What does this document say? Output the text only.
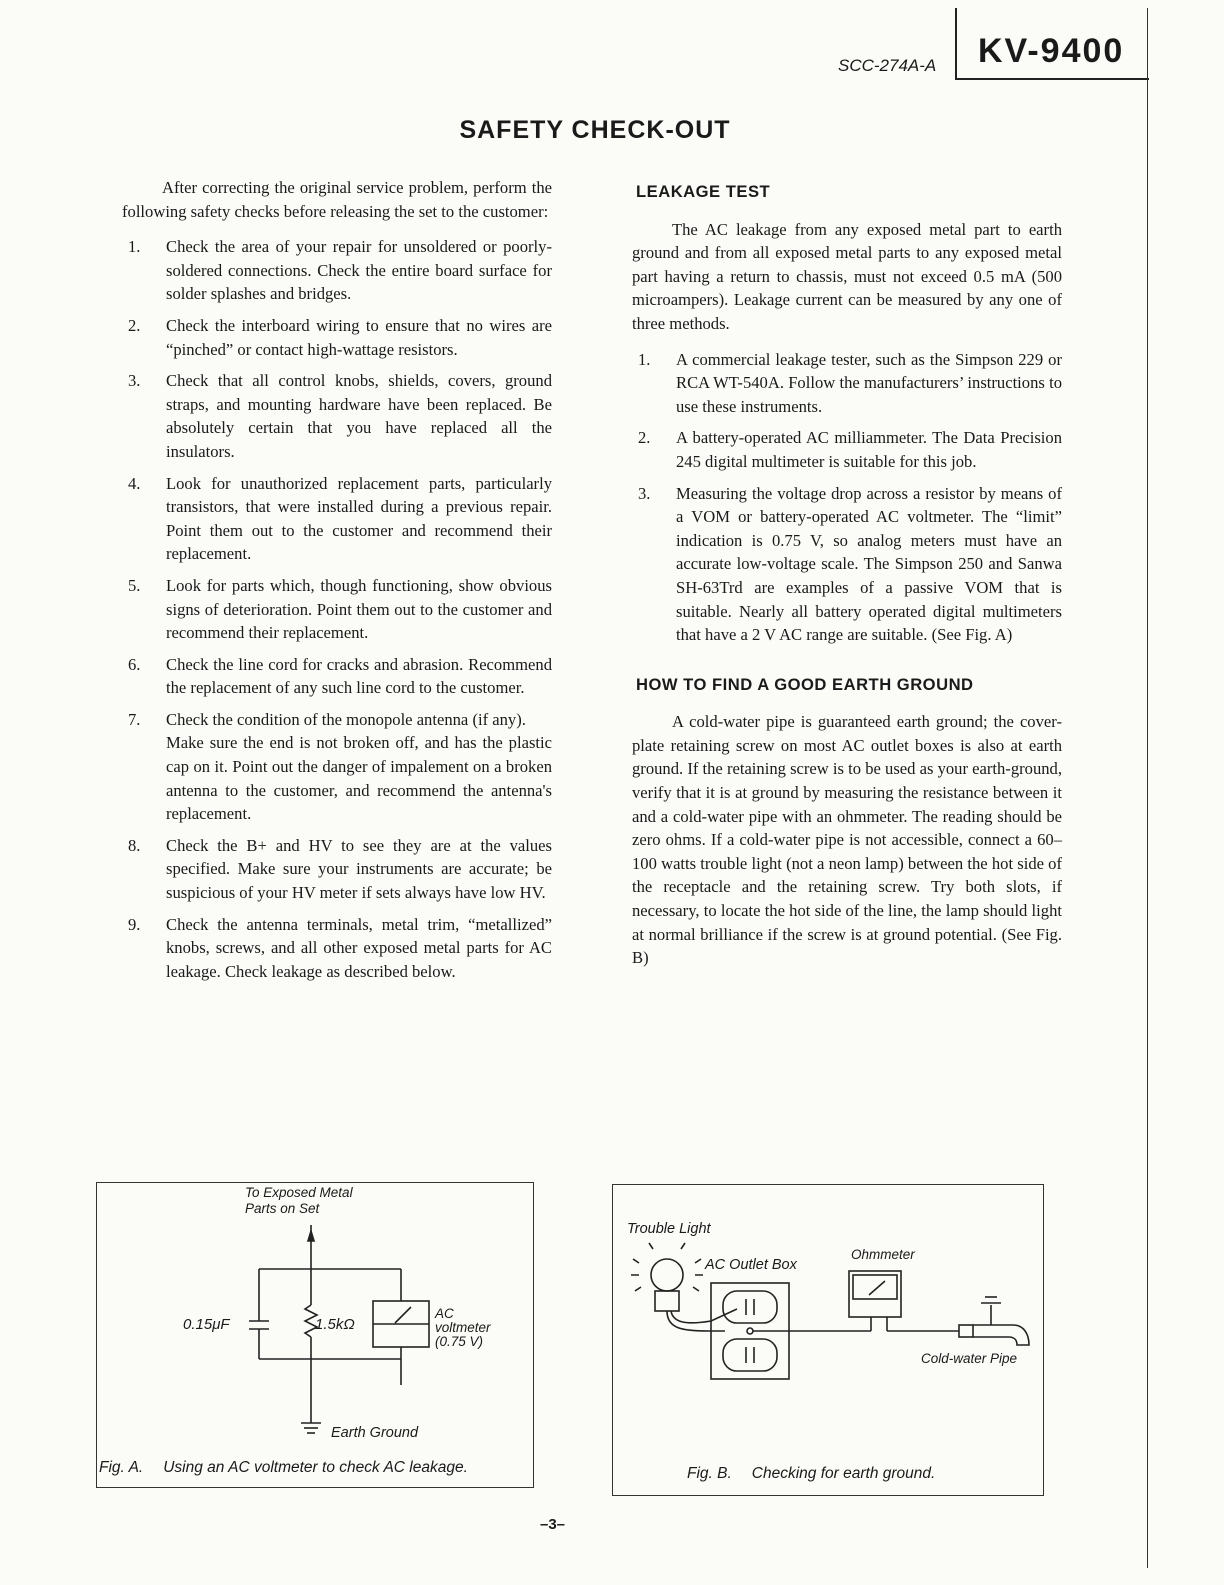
SCC-274A-A KV-9400
SAFETY CHECK-OUT

After correcting the original service problem, perform the following safety checks before releasing the set to the customer:

1. Check the area of your repair for unsoldered or poorly-soldered connections. Check the entire board surface for solder splashes and bridges.
2. Check the interboard wiring to ensure that no wires are “pinched” or contact high-wattage resistors.
3. Check that all control knobs, shields, covers, ground straps, and mounting hardware have been replaced. Be absolutely certain that you have replaced all the insulators.
4. Look for unauthorized replacement parts, particularly transistors, that were installed during a previous repair. Point them out to the customer and recommend their replacement.
5. Look for parts which, though functioning, show obvious signs of deterioration. Point them out to the customer and recommend their replacement.
6. Check the line cord for cracks and abrasion. Recommend the replacement of any such line cord to the customer.
7. Check the condition of the monopole antenna (if any).
Make sure the end is not broken off, and has the plastic cap on it. Point out the danger of impalement on a broken antenna to the customer, and recommend the antenna's replacement.
8. Check the B+ and HV to see they are at the values specified. Make sure your instruments are accurate; be suspicious of your HV meter if sets always have low HV.
9. Check the antenna terminals, metal trim, “metallized” knobs, screws, and all other exposed metal parts for AC leakage. Check leakage as described below.
LEAKAGE TEST

The AC leakage from any exposed metal part to earth ground and from all exposed metal parts to any exposed metal part having a return to chassis, must not exceed 0.5 mA (500 microampers). Leakage current can be measured by any one of three methods.

1. A commercial leakage tester, such as the Simpson 229 or RCA WT-540A. Follow the manufacturers’ instructions to use these instruments.
2. A battery-operated AC milliammeter. The Data Precision 245 digital multimeter is suitable for this job.
3. Measuring the voltage drop across a resistor by means of a VOM or battery-operated AC voltmeter. The “limit” indication is 0.75 V, so analog meters must have an accurate low-voltage scale. The Simpson 250 and Sanwa SH-63Trd are examples of a passive VOM that is suitable. Nearly all battery operated digital multimeters that have a 2 V AC range are suitable. (See Fig. A)
HOW TO FIND A GOOD EARTH GROUND

A cold-water pipe is guaranteed earth ground; the cover-plate retaining screw on most AC outlet boxes is also at earth ground. If the retaining screw is to be used as your earth-ground, verify that it is at ground by measuring the resistance between it and a cold-water pipe with an ohmmeter. The reading should be zero ohms. If a cold-water pipe is not accessible, connect a 60–100 watts trouble light (not a neon lamp) between the hot side of the receptacle and the retaining screw. Try both slots, if necessary, to locate the hot side of the line, the lamp should light at normal brilliance if the screw is at ground potential. (See Fig. B)

To Exposed Metal
Parts on Set
0.15μF	1.5kΩ
AC
voltmeter
(0.75 V)
Earth Ground
Fig. A. Using an AC voltmeter to check AC leakage.
Trouble Light
AC Outlet Box
Ohmmeter
Cold-water Pipe
Fig. B. Checking for earth ground.
–3–
